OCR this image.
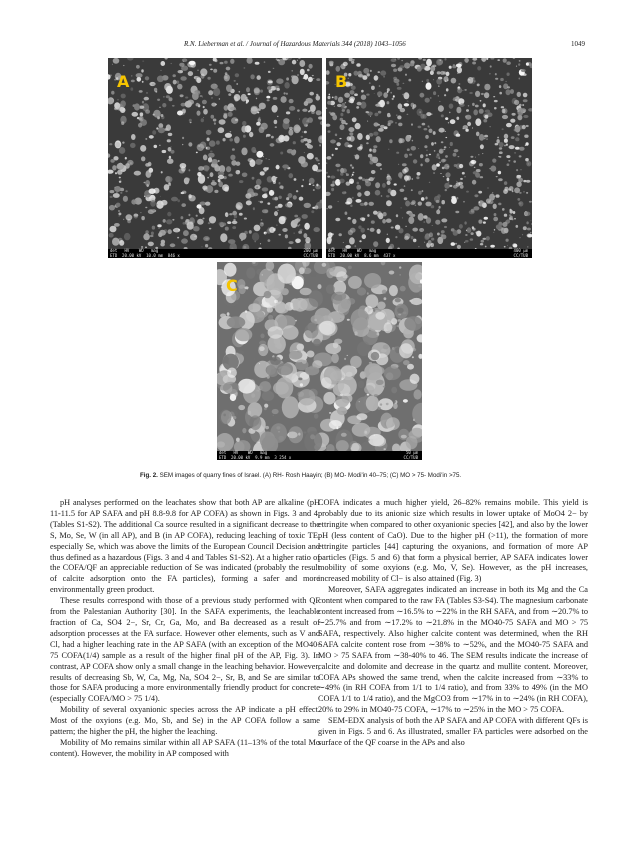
R.N. Lieberman et al. / Journal of Hazardous Materials 344 (2018) 1043–1056	1049
A
det   HV    WD   mag	200 µm

ETD  20.00 kV  10.0 mm  846 x	CC/TUB
B
det   HV    WD   mag	400 µm

ETD  20.00 kV  8.6 mm  437 x	CC/TUB
C
det   HV    WD   mag	50 µm

ETD  20.00 kV  9.9 mm  3 254 x	CC/TUB
Fig. 2. SEM images of quarry fines of Israel. (A) RH- Rosh Haayin; (B) MO- Modi'in 40–75; (C) MO > 75- Modi'in >75.

pH analyses performed on the leachates show that both AP are alkaline (pH 11-11.5 for AP SAFA and pH 8.8-9.8 for AP COFA) as shown in Figs. 3 and 4, (Tables S1-S2). The additional Ca source resulted in a significant decrease to the S, Mo, Se, W (in all AP), and B (in AP COFA), reducing leaching of toxic TE, especially Se, which was above the limits of the European Council Decision and thus defined as a hazardous (Figs. 3 and 4 and Tables S1-S2). At a higher ratio of the COFA/QF an appreciable reduction of Se was indicated (probably the result of calcite adsorption onto the FA particles), forming a safer and more environmentally green product.

These results correspond with those of a previous study performed with QF from the Palestanian Authority [30]. In the SAFA experiments, the leachable fraction of Ca, SO4 2−, Sr, Cr, Ga, Mo, and Ba decreased as a result of adsorption processes at the FA surface. However other elements, such as V and Cl, had a higher leaching rate in the AP SAFA (with an exception of the MO40-75 COFA(1/4) sample as a result of the higher final pH of the AP, Fig. 3). In contrast, AP COFA show only a small change in the leaching behavior. However, results of decreasing Sb, W, Ca, Mg, Na, SO4 2−, Sr, B, and Se are similar to those for SAFA producing a more environmentally friendly product for concrete (especially COFA/MO > 75 1/4).

Mobility of several oxyanionic species across the AP indicate a pH effect. Most of the oxyions (e.g. Mo, Sb, and Se) in the AP COFA follow a same pattern; the higher the pH, the higher the leaching.

Mobility of Mo remains similar within all AP SAFA (11–13% of the total Mo content). However, the mobility in AP composed with

COFA indicates a much higher yield, 26–82% remains mobile. This yield is probably due to its anionic size which results in lower uptake of MoO4 2− by ettringite when compared to other oxyanionic species [42], and also by the lower pH (less content of CaO). Due to the higher pH (>11), the formation of more ettringite particles [44] capturing the oxyanions, and formation of more AP particles (Figs. 5 and 6) that form a physical berrier, AP SAFA indicates lower mobility of some oxyions (e.g. Mo, V, Se). However, as the pH increases, increased mobility of Cl− is also attained (Fig. 3)

Moreover, SAFA aggregates indicated an increase in both its Mg and the Ca content when compared to the raw FA (Tables S3-S4). The magnesium carbonate content increased from ∼16.5% to ∼22% in the RH SAFA, and from ∼20.7% to ∼25.7% and from ∼17.2% to ∼21.8% in the MO40-75 SAFA and MO > 75 SAFA, respectively. Also higher calcite content was determined, when the RH SAFA calcite content rose from ∼38% to ∼52%, and the MO40-75 SAFA and MO > 75 SAFA from ∼38-40% to 46. The SEM results indicate the increase of calcite and dolomite and decrease in the quartz and mullite content. Moreover, COFA APs showed the same trend, when the calcite increased from ∼33% to ∼49% (in RH COFA from 1/1 to 1/4 ratio), and from 33% to 49% (in the MO COFA 1/1 to 1/4 ratio), and the MgCO3 from ∼17% in to ∼24% (in RH COFA), 20% to 29% in MO40-75 COFA, ∼17% to ∼25% in the MO > 75 COFA.

SEM-EDX analysis of both the AP SAFA and AP COFA with different QFs is given in Figs. 5 and 6. As illustrated, smaller FA particles were adsorbed on the surface of the QF coarse in the APs and also
